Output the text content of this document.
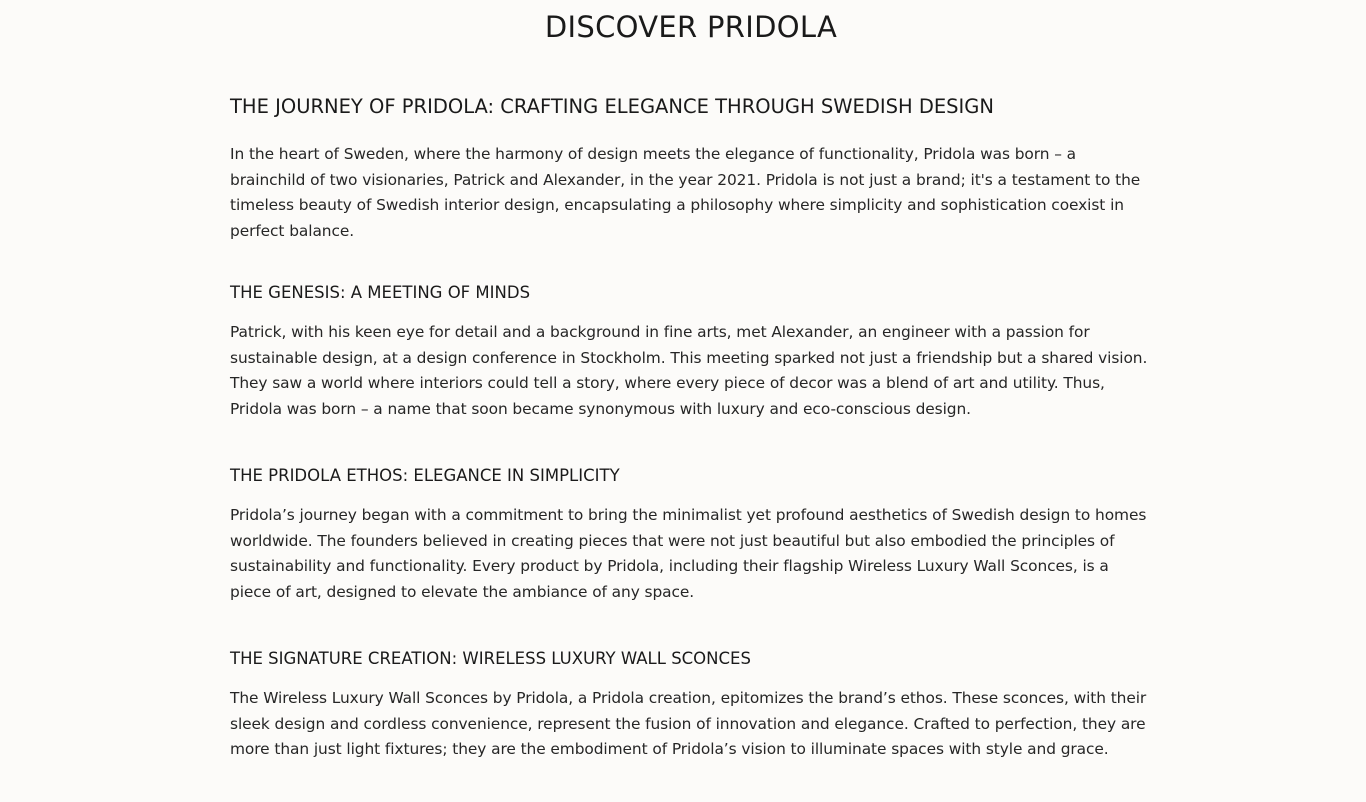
DISCOVER PRIDOLA
THE JOURNEY OF PRIDOLA: CRAFTING ELEGANCE THROUGH SWEDISH DESIGN

In the heart of Sweden, where the harmony of design meets the elegance of functionality, Pridola was born – a brainchild of two visionaries, Patrick and Alexander, in the year 2021. Pridola is not just a brand; it's a testament to the timeless beauty of Swedish interior design, encapsulating a philosophy where simplicity and sophistication coexist in perfect balance.

THE GENESIS: A MEETING OF MINDS

Patrick, with his keen eye for detail and a background in fine arts, met Alexander, an engineer with a passion for sustainable design, at a design conference in Stockholm. This meeting sparked not just a friendship but a shared vision. They saw a world where interiors could tell a story, where every piece of decor was a blend of art and utility. Thus, Pridola was born – a name that soon became synonymous with luxury and eco-conscious design.

THE PRIDOLA ETHOS: ELEGANCE IN SIMPLICITY

Pridola’s journey began with a commitment to bring the minimalist yet profound aesthetics of Swedish design to homes worldwide. The founders believed in creating pieces that were not just beautiful but also embodied the principles of sustainability and functionality. Every product by Pridola, including their flagship Wireless Luxury Wall Sconces, is a piece of art, designed to elevate the ambiance of any space.

THE SIGNATURE CREATION: WIRELESS LUXURY WALL SCONCES

The Wireless Luxury Wall Sconces by Pridola, a Pridola creation, epitomizes the brand’s ethos. These sconces, with their sleek design and cordless convenience, represent the fusion of innovation and elegance. Crafted to perfection, they are more than just light fixtures; they are the embodiment of Pridola’s vision to illuminate spaces with style and grace.
